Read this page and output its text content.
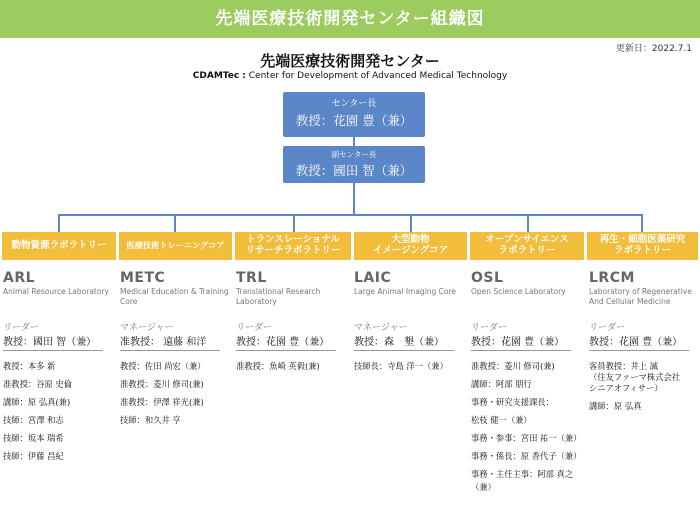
先端医療技術開発センター組織図
更新日：2022.7.1
先端医療技術開発センター
CDAMTec : Center for Development of Advanced Medical Technology
センター長
教授：花園 豊（兼）
副センター長
教授：國田 智（兼）
動物資源ラボラトリー 医療技術トレーニングコア
トランスレーショナル
リサーチラボラトリー
大型動物
イメージングコア
オープンサイエンス
ラボラトリー
再生・細胞医薬研究
ラボラトリー
ARL
Animal Resource Laboratory
リーダー
教授：國田 智（兼）
教授：本多 新
准教授：谷原 史倫
講師：原 弘真(兼)
技師：宮澤 和志
技師：坂本 瑞希
技師：伊藤 昌紀
METC
Medical Education & Training Core
マネージャー
准教授： 遠藤 和洋
教授：佐田 尚宏（兼）
准教授：菱川 修司(兼)
准教授：伊澤 祥光(兼)
技師：和久井 亨
TRL
Translational Research Laboratory
リーダー
教授：花園 豊（兼）
准教授：魚崎 英毅(兼)
LAIC
Large Animal Imaging Core
マネージャー
教授：森　墾（兼）
技師長：寺島 洋一（兼）
OSL
Open Science Laboratory
リーダー
教授：花園 豊（兼）
准教授：菱川 修司(兼)
講師：阿部 朋行
事務・研究支援課長：
松枝 健一（兼）
事務・参事：宮田 祐一（兼）
事務・係長：原 香代子（兼）
事務・主任主事：阿部 真之
（兼）
LRCM
Laboratory of Regenerative And Cellular Medicine
リーダー
教授：花園 豊（兼）
客員教授：井上 誠
（住友ファーマ株式会社
シニアオフィサー）
講師：原 弘真
